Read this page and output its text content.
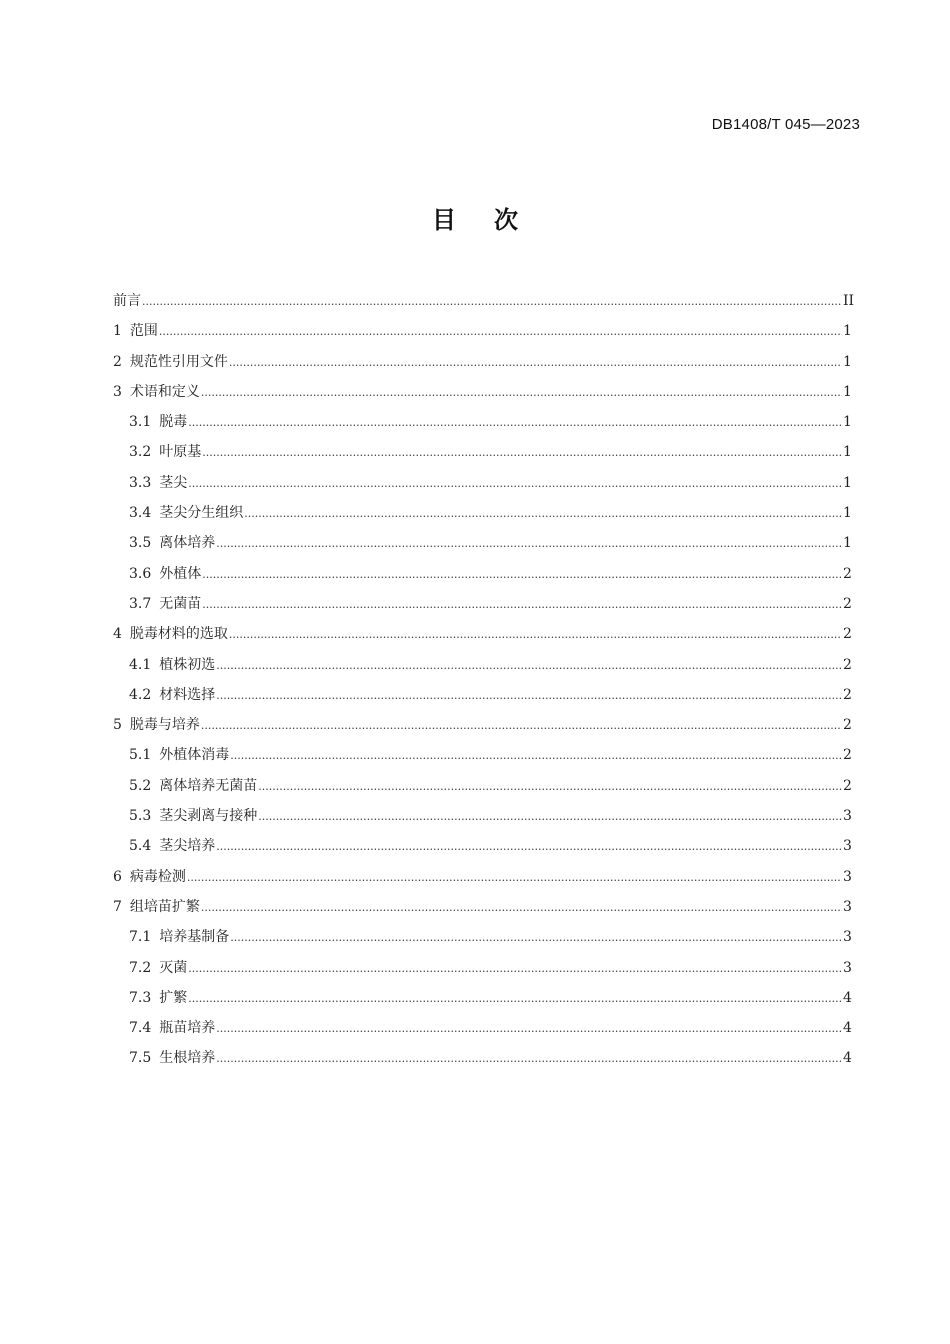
DB1408/T 045—2023
目次
前言 .....	II
1 范围 .....	1
2 规范性引用文件 .....	1
3 术语和定义 .....	1
3.1 脱毒 .....	1
3.2 叶原基 .....	1
3.3 茎尖 .....	1
3.4 茎尖分生组织 .....	1
3.5 离体培养 .....	1
3.6 外植体 .....	2
3.7 无菌苗 .....	2
4 脱毒材料的选取 .....	2
4.1 植株初选 .....	2
4.2 材料选择 .....	2
5 脱毒与培养 .....	2
5.1 外植体消毒 .....	2
5.2 离体培养无菌苗 .....	2
5.3 茎尖剥离与接种 .....	3
5.4 茎尖培养 .....	3
6 病毒检测 .....	3
7 组培苗扩繁 .....	3
7.1 培养基制备 .....	3
7.2 灭菌 .....	3
7.3 扩繁 .....	4
7.4 瓶苗培养 .....	4
7.5 生根培养 .....	4
